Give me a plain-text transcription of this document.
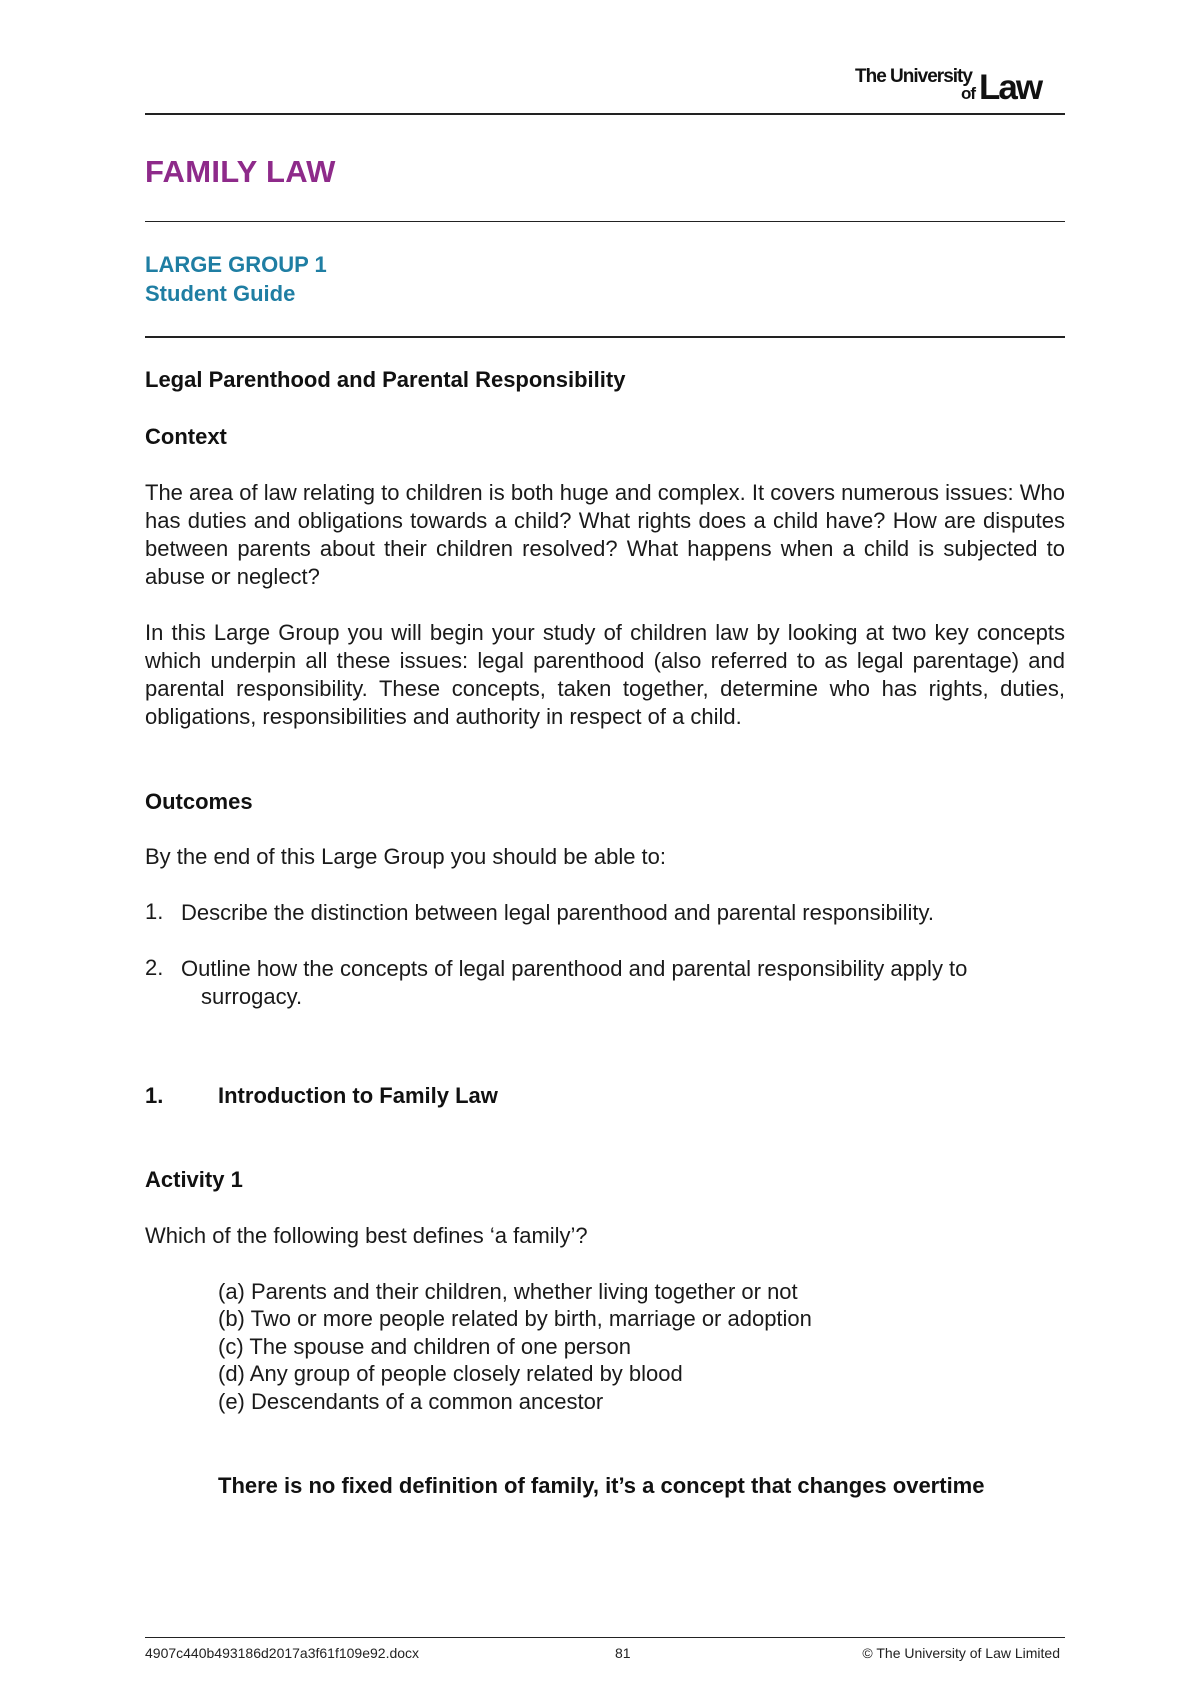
The University
of Law
FAMILY LAW
LARGE GROUP 1
Student Guide
Legal Parenthood and Parental Responsibility
Context
The area of law relating to children is both huge and complex. It covers numerous issues: Who has duties and obligations towards a child? What rights does a child have? How are disputes between parents about their children resolved? What happens when a child is subjected to abuse or neglect?
In this Large Group you will begin your study of children law by looking at two key concepts which underpin all these issues: legal parenthood (also referred to as legal parentage) and parental responsibility. These concepts, taken together, determine who has rights, duties, obligations, responsibilities and authority in respect of a child.
Outcomes
By the end of this Large Group you should be able to:
1. Describe the distinction between legal parenthood and parental responsibility.
2. Outline how the concepts of legal parenthood and parental responsibility apply to
surrogacy.
1. Introduction to Family Law
Activity 1
Which of the following best defines ‘a family’?
(a) Parents and their children, whether living together or not
(b) Two or more people related by birth, marriage or adoption
(c) The spouse and children of one person
(d) Any group of people closely related by blood
(e) Descendants of a common ancestor
There is no fixed definition of family, it’s a concept that changes overtime
4907c440b493186d2017a3f61f109e92.docx	81	© The University of Law Limited
